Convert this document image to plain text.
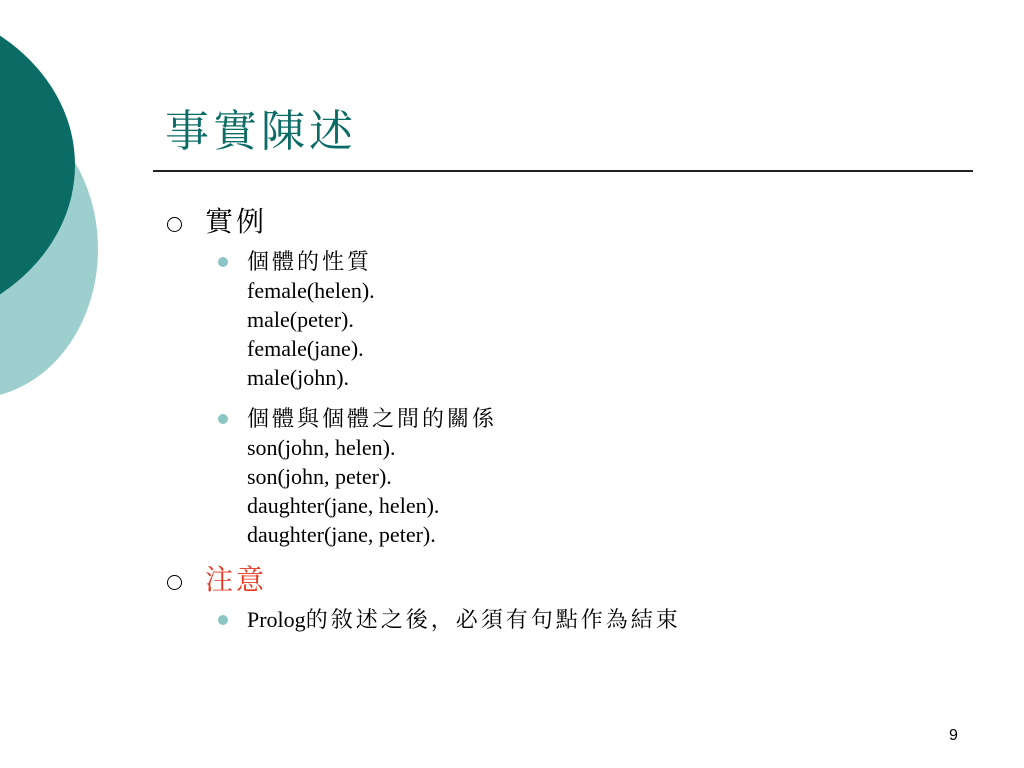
事實陳述
實例
個體的性質
female(helen).
male(peter).
female(jane).
male(john).
個體與個體之間的關係
son(john, helen).
son(john, peter).
daughter(jane, helen).
daughter(jane, peter).
注意
Prolog的敘述之後，必須有句點作為結束
9
